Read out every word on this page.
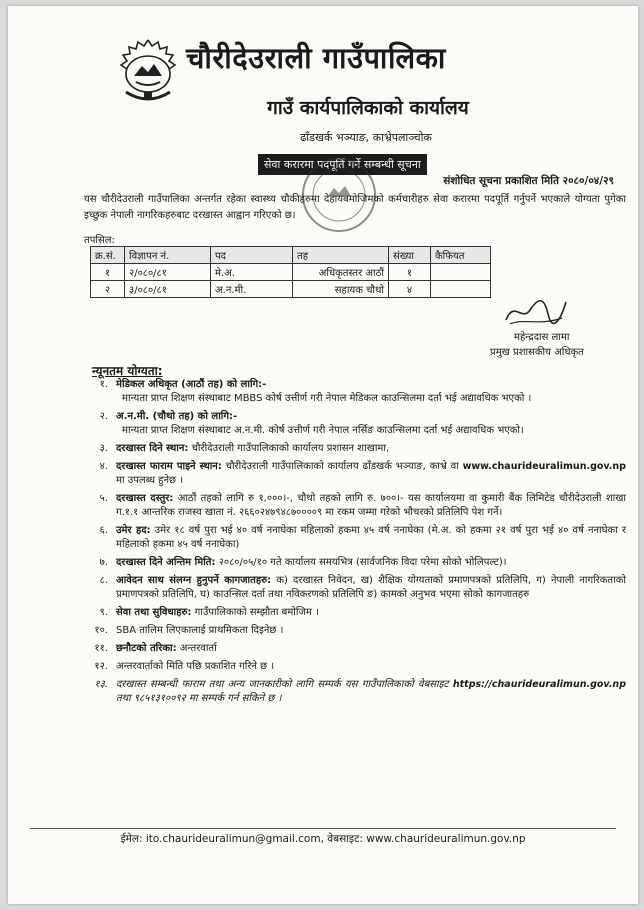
चौरीदेउराली गाउँपालिका
गाउँ कार्यपालिकाको कार्यालय
ढाँडखर्क भञ्याङ, काभ्रेपलाञ्चोक
सेवा करारमा पदपूर्ति गर्ने सम्बन्धी सूचना
संशोधित सूचना प्रकाशित मिति २०८०/०४/२९
यस चौरीदेउराली गाउँपालिका अन्तर्गत रहेका स्वास्थ्य चौकीहरुमा देहायबमोजिमको कर्मचारीहरु सेवा करारमा पदपूर्ति गर्नुपर्ने भएकाले योग्यता पुगेका इच्छुक नेपाली नागरिकहरुबाट दरखास्त आह्वान गरिएको छ।
तपसिल:
क्र.सं.	विज्ञापन नं.	पद	तह	संख्या	कैफियत
१	२/०८०/८१	मे.अ.	अधिकृतस्तर आठौं	१	
२	३/०८०/८१	अ.न.मी.	सहायक चौथो	४	
महेन्द्रदास लामा
प्रमुख प्रशासकीय अधिकृत
न्यूनतम योग्यता:
१. मेडिकल अधिकृत (आठौं तह) को लागि:-
मान्यता प्राप्त शिक्षण संस्थाबाट MBBS कोर्ष उत्तीर्ण गरी नेपाल मेडिकल काउन्सिलमा दर्ता भई अद्यावधिक भएको ।
२. अ.न.मी. (चौथो तह) को लागि:-
मान्यता प्राप्त शिक्षण संस्थाबाट अ.न.मी. कोर्ष उत्तीर्ण गरी नेपाल नर्सिङ काउन्सिलमा दर्ता भई अद्यावधिक भएको।
३. दरखास्त दिने स्थान: चौरीदेउराली गाउँपालिकाको कार्यालय प्रशासन शाखामा,
४. दरखास्त फाराम पाइने स्थान: चौरीदेउराली गाउँपालिकाको कार्यालय ढाँडखर्क भञ्याङ, काभ्रे वा www.chaurideuralimun.gov.np मा उपलब्ध हुनेछ ।
५. दरखास्त दस्तुर: आठौं तहको लागि रु १,०००।-, चौथो तहको लागि रु. ७००।- यस कार्यालयमा वा कुमारी बैंक लिमिटेड चौरीदेउराली शाखा ग.१.१ आन्तरिक राजस्व खाता नं. २६६०२४७९४८७००००९ मा रकम जम्मा गरेको भौचरको प्रतिलिपि पेश गर्ने।
६. उमेर हद: उमेर १८ वर्ष पुरा भई ४० वर्ष ननाघेका महिलाको हकमा ४५ वर्ष ननाघेका (मे.अ. को हकमा २१ वर्ष पुरा भई ४० वर्ष ननाघेका र महिलाको हकमा ४५ वर्ष ननाघेका)
७. दरखास्त दिने अन्तिम मिति: २०८०/०५/१० गते कार्यालय समयभित्र (सार्वजनिक विदा परेमा सोको भोलिपल्ट)।
८. आवेदन साथ संलग्न हुनुपर्ने कागजातहरु: क) दरखास्त निवेदन, ख) शैक्षिक योग्यताको प्रमाणपत्रको प्रतिलिपि, ग) नेपाली नागरिकताको प्रमाणपत्रको प्रतिलिपि, घ) काउन्सिल दर्ता तथा नविकरणको प्रतिलिपि ङ) कामको अनुभव भएमा सोको कागजातहरु
९. सेवा तथा सुविधाहरु: गाउँपालिकाको सम्झौता बमोजिम ।
१०. SBA तालिम लिएकालाई प्राथमिकता दिइनेछ ।
११. छनौटको तरिका: अन्तरवार्ता
१२. अन्तरवार्ताको मिति पछि प्रकाशित गरिने छ ।
१३. दरखास्त सम्बन्धी फाराम तथा अन्य जानकारीको लागि सम्पर्क यस गाउँपालिकाको वेबसाइट https://chaurideuralimun.gov.np तथा ९८५१३१००९२ मा सम्पर्क गर्न सकिने छ ।
ईमेल: ito.chaurideuralimun@gmail.com, वेबसाइट: www.chaurideuralimun.gov.np
